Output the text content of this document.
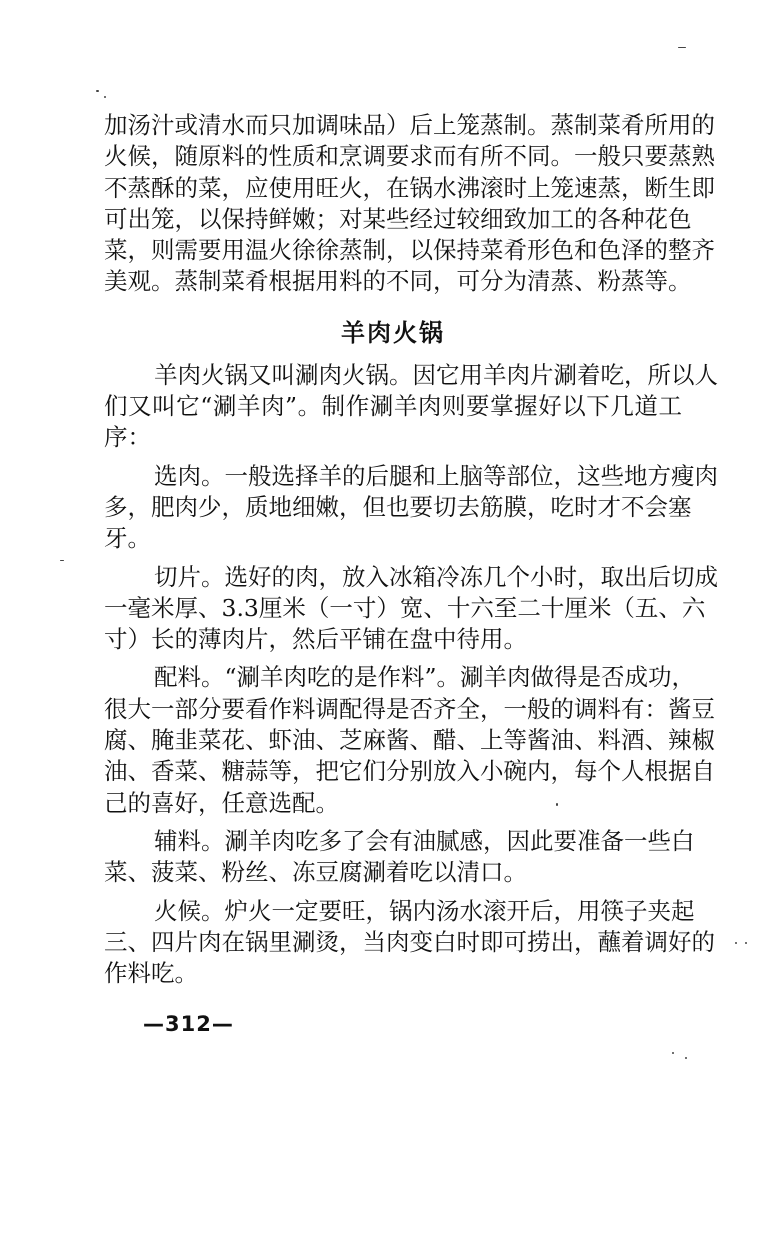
加汤汁或清水而只加调味品）后上笼蒸制。蒸制菜肴所用的
火候，随原料的性质和烹调要求而有所不同。一般只要蒸熟
不蒸酥的菜，应使用旺火，在锅水沸滚时上笼速蒸，断生即
可出笼，以保持鲜嫩；对某些经过较细致加工的各种花色
菜，则需要用温火徐徐蒸制，以保持菜肴形色和色泽的整齐
美观。蒸制菜肴根据用料的不同，可分为清蒸、粉蒸等。
羊肉火锅
羊肉火锅又叫涮肉火锅。因它用羊肉片涮着吃，所以人
们又叫它“涮羊肉”。制作涮羊肉则要掌握好以下几道工
序：
选肉。一般选择羊的后腿和上脑等部位，这些地方瘦肉
多，肥肉少，质地细嫩，但也要切去筋膜，吃时才不会塞
牙。
切片。选好的肉，放入冰箱冷冻几个小时，取出后切成
一毫米厚、3.3厘米（一寸）宽、十六至二十厘米（五、六
寸）长的薄肉片，然后平铺在盘中待用。
配料。“涮羊肉吃的是作料”。涮羊肉做得是否成功，
很大一部分要看作料调配得是否齐全，一般的调料有：酱豆
腐、腌韭菜花、虾油、芝麻酱、醋、上等酱油、料酒、辣椒
油、香菜、糖蒜等，把它们分别放入小碗内，每个人根据自
己的喜好，任意选配。
辅料。涮羊肉吃多了会有油腻感，因此要准备一些白
菜、菠菜、粉丝、冻豆腐涮着吃以清口。
火候。炉火一定要旺，锅内汤水滚开后，用筷子夹起
三、四片肉在锅里涮烫，当肉变白时即可捞出，蘸着调好的
作料吃。
—312—
